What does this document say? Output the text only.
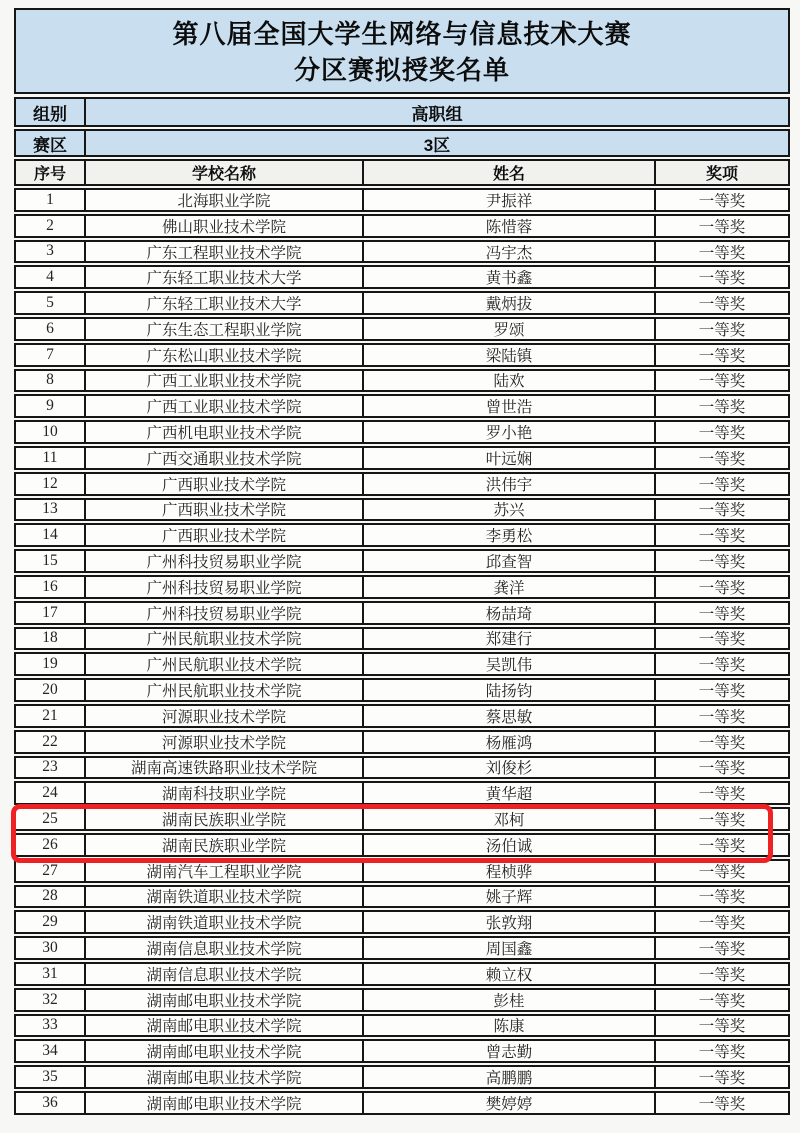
第八届全国大学生网络与信息技术大赛
分区赛拟授奖名单
组别	高职组
赛区	3区
序号	学校名称	姓名	奖项
1	北海职业学院	尹振祥	一等奖
2	佛山职业技术学院	陈惜蓉	一等奖
3	广东工程职业技术学院	冯宇杰	一等奖
4	广东轻工职业技术大学	黄书鑫	一等奖
5	广东轻工职业技术大学	戴炳拔	一等奖
6	广东生态工程职业学院	罗颂	一等奖
7	广东松山职业技术学院	梁陆镇	一等奖
8	广西工业职业技术学院	陆欢	一等奖
9	广西工业职业技术学院	曾世浩	一等奖
10	广西机电职业技术学院	罗小艳	一等奖
11	广西交通职业技术学院	叶远娴	一等奖
12	广西职业技术学院	洪伟宇	一等奖
13	广西职业技术学院	苏兴	一等奖
14	广西职业技术学院	李勇松	一等奖
15	广州科技贸易职业学院	邱查智	一等奖
16	广州科技贸易职业学院	龚洋	一等奖
17	广州科技贸易职业学院	杨喆琦	一等奖
18	广州民航职业技术学院	郑建行	一等奖
19	广州民航职业技术学院	吴凯伟	一等奖
20	广州民航职业技术学院	陆扬钧	一等奖
21	河源职业技术学院	蔡思敏	一等奖
22	河源职业技术学院	杨雁鸿	一等奖
23	湖南高速铁路职业技术学院	刘俊杉	一等奖
24	湖南科技职业学院	黄华超	一等奖
25	湖南民族职业学院	邓柯	一等奖
26	湖南民族职业学院	汤伯诚	一等奖
27	湖南汽车工程职业学院	程桢骅	一等奖
28	湖南铁道职业技术学院	姚子辉	一等奖
29	湖南铁道职业技术学院	张敦翔	一等奖
30	湖南信息职业技术学院	周国鑫	一等奖
31	湖南信息职业技术学院	赖立权	一等奖
32	湖南邮电职业技术学院	彭桂	一等奖
33	湖南邮电职业技术学院	陈康	一等奖
34	湖南邮电职业技术学院	曾志勤	一等奖
35	湖南邮电职业技术学院	高鹏鹏	一等奖
36	湖南邮电职业技术学院	樊婷婷	一等奖
